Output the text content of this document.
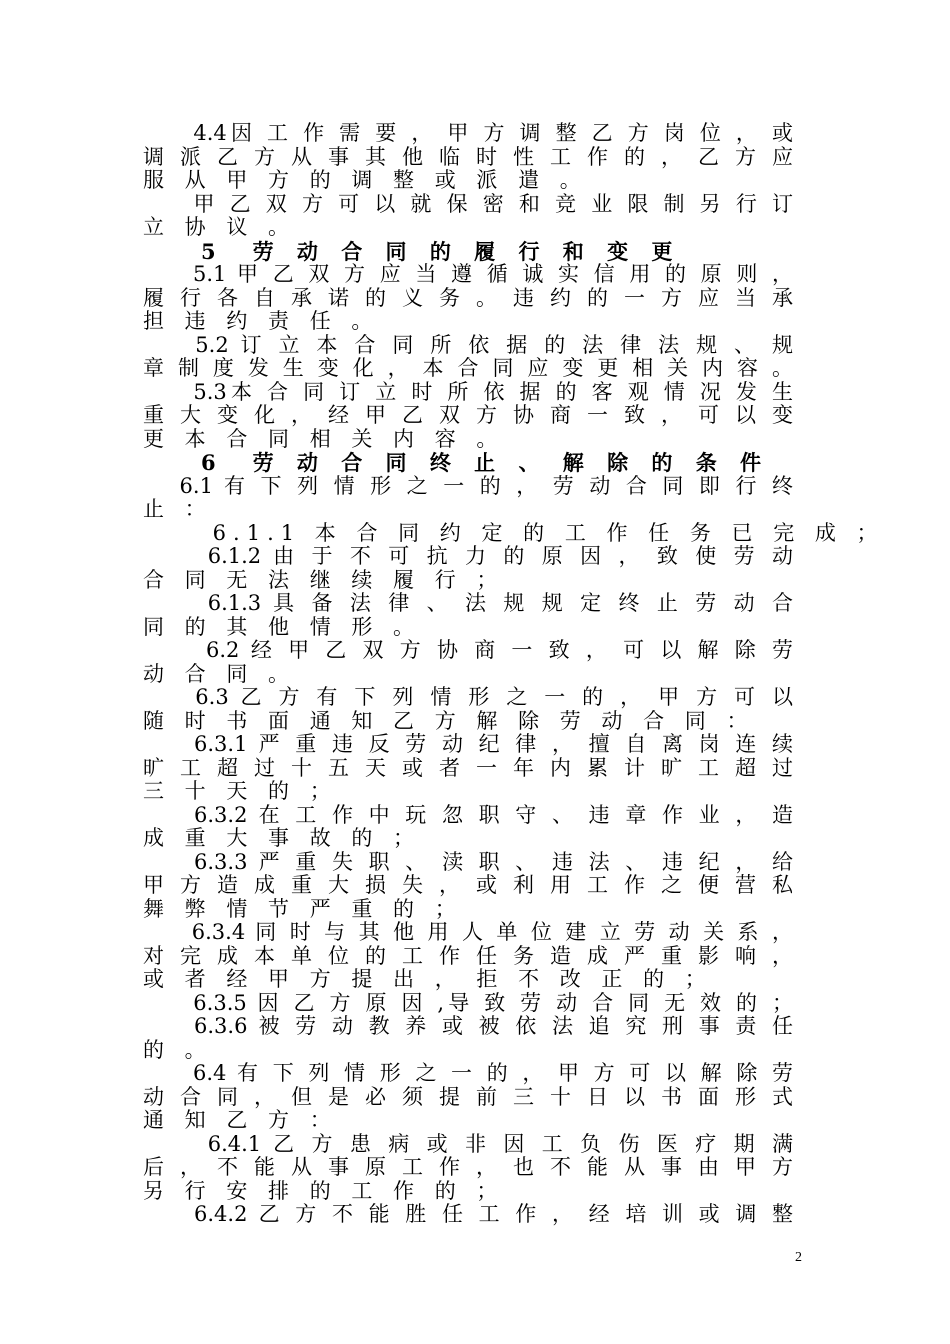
　　4.4因 工 作 需 要 ， 甲 方 调 整 乙 方 岗 位 ， 或
调 派 乙 方 从 事 其 他 临 时 性 工 作 的 ， 乙 方 应
服 从 甲 方 的 调 整 或 派 遣 。
　　甲 乙 双 方 可 以 就 保 密 和 竞 业 限 制 另 行 订
立 协 议 。
　　5　劳 动 合 同 的 履 行 和 变 更
　　5.1 甲 乙 双 方 应 当 遵 循 诚 实 信 用 的 原 则 ，
履 行 各 自 承 诺 的 义 务 。 违 约 的 一 方 应 当 承
担 违 约 责 任 。
　　5.2 订 立 本 合 同 所 依 据 的 法 律 法 规 、 规
章 制 度 发 生 变 化 ， 本 合 同 应 变 更 相 关 内 容 。
　　5.3本 合 同 订 立 时 所 依 据 的 客 观 情 况 发 生
重 大 变 化 ， 经 甲 乙 双 方 协 商 一 致 ， 可 以 变
更 本 合 同 相 关 内 容 。
　　6　劳 动 合 同 终 止 、 解 除 的 条 件
　 6.1 有 下 列 情 形 之 一 的 ， 劳 动 合 同 即 行 终
止 ：
　　 6.1.1 本 合 同 约 定 的 工 作 任 务 已 完 成 ；
　　 6.1.2 由 于 不 可 抗 力 的 原 因 ， 致 使 劳 动
合 同 无 法 继 续 履 行 ；
　　 6.1.3 具 备 法 律 、 法 规 规 定 终 止 劳 动 合
同 的 其 他 情 形 。
　　 6.2 经 甲 乙 双 方 协 商 一 致 ， 可 以 解 除 劳
动 合 同 。
　　6.3 乙 方 有 下 列 情 形 之 一 的 ， 甲 方 可 以
随 时 书 面 通 知 乙 方 解 除 劳 动 合 同 ：
　　6.3.1 严 重 违 反 劳 动 纪 律 ， 擅 自 离 岗 连 续
旷 工 超 过 十 五 天 或 者 一 年 内 累 计 旷 工 超 过
三 十 天 的 ；
　　6.3.2 在 工 作 中 玩 忽 职 守 、 违 章 作 业 ， 造
成 重 大 事 故 的 ；
　　6.3.3 严 重 失 职 、 渎 职 、 违 法 、 违 纪 ， 给
甲 方 造 成 重 大 损 失 ， 或 利 用 工 作 之 便 营 私
舞 弊 情 节 严 重 的 ；
　　6.3.4 同 时 与 其 他 用 人 单 位 建 立 劳 动 关 系 ，
对 完 成 本 单 位 的 工 作 任 务 造 成 严 重 影 响 ，
或 者 经 甲 方 提 出 ， 拒 不 改 正 的 ；
　　6.3.5 因 乙 方 原 因 ,导 致 劳 动 合 同 无 效 的 ；
　　6.3.6 被 劳 动 教 养 或 被 依 法 追 究 刑 事 责 任
的 。
　　6.4 有 下 列 情 形 之 一 的 ， 甲 方 可 以 解 除 劳
动 合 同 ， 但 是 必 须 提 前 三 十 日 以 书 面 形 式
通 知 乙 方 ：
　　 6.4.1 乙 方 患 病 或 非 因 工 负 伤 医 疗 期 满
后 ， 不 能 从 事 原 工 作 ， 也 不 能 从 事 由 甲 方
另 行 安 排 的 工 作 的 ；
　　6.4.2 乙 方 不 能 胜 任 工 作 ， 经 培 训 或 调 整
2
